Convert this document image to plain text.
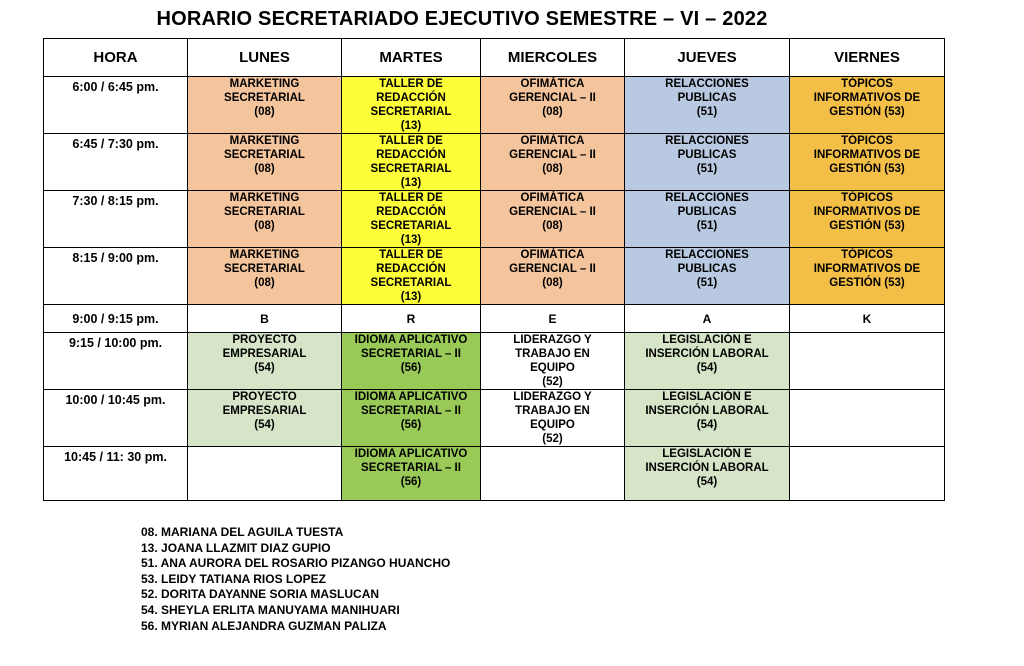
HORARIO SECRETARIADO EJECUTIVO SEMESTRE – VI – 2022
HORA	LUNES	MARTES	MIERCOLES	JUEVES	VIERNES
6:00 / 6:45 pm.	MARKETING
SECRETARIAL
(08)	TALLER DE
REDACCIÓN
SECRETARIAL
(13)	OFIMÁTICA
GERENCIAL – II
(08)	RELACCIONES
PUBLICAS
(51)	TÓPICOS
INFORMATIVOS DE
GESTIÓN (53)

6:45 / 7:30 pm.	MARKETING
SECRETARIAL
(08)	TALLER DE
REDACCIÓN
SECRETARIAL
(13)	OFIMÁTICA
GERENCIAL – II
(08)	RELACCIONES
PUBLICAS
(51)	TÓPICOS
INFORMATIVOS DE
GESTIÓN (53)

7:30 / 8:15 pm.	MARKETING
SECRETARIAL
(08)	TALLER DE
REDACCIÓN
SECRETARIAL
(13)	OFIMÁTICA
GERENCIAL – II
(08)	RELACCIONES
PUBLICAS
(51)	TÓPICOS
INFORMATIVOS DE
GESTIÓN (53)

8:15 / 9:00 pm.	MARKETING
SECRETARIAL
(08)	TALLER DE
REDACCIÓN
SECRETARIAL
(13)	OFIMÁTICA
GERENCIAL – II
(08)	RELACCIONES
PUBLICAS
(51)	TÓPICOS
INFORMATIVOS DE
GESTIÓN (53)

9:00 / 9:15 pm.	B	R	E	A	K

9:15 / 10:00 pm.	PROYECTO
EMPRESARIAL
(54)	IDIOMA APLICATIVO
SECRETARIAL – II
(56)	LIDERAZGO Y
TRABAJO EN
EQUIPO
(52)	LEGISLACIÓN E
INSERCIÓN LABORAL
(54)	

10:00 / 10:45 pm.	PROYECTO
EMPRESARIAL
(54)	IDIOMA APLICATIVO
SECRETARIAL – II
(56)	LIDERAZGO Y
TRABAJO EN
EQUIPO
(52)	LEGISLACIÓN E
INSERCIÓN LABORAL
(54)	

10:45 / 11: 30 pm.		IDIOMA APLICATIVO
SECRETARIAL – II
(56)		LEGISLACIÓN E
INSERCIÓN LABORAL
(54)	

08. MARIANA DEL AGUILA TUESTA
13. JOANA LLAZMIT DIAZ GUPIO
51. ANA AURORA DEL ROSARIO PIZANGO HUANCHO
53. LEIDY TATIANA RIOS LOPEZ
52. DORITA DAYANNE SORIA MASLUCAN
54. SHEYLA ERLITA MANUYAMA MANIHUARI
56. MYRIAN ALEJANDRA GUZMAN PALIZA
